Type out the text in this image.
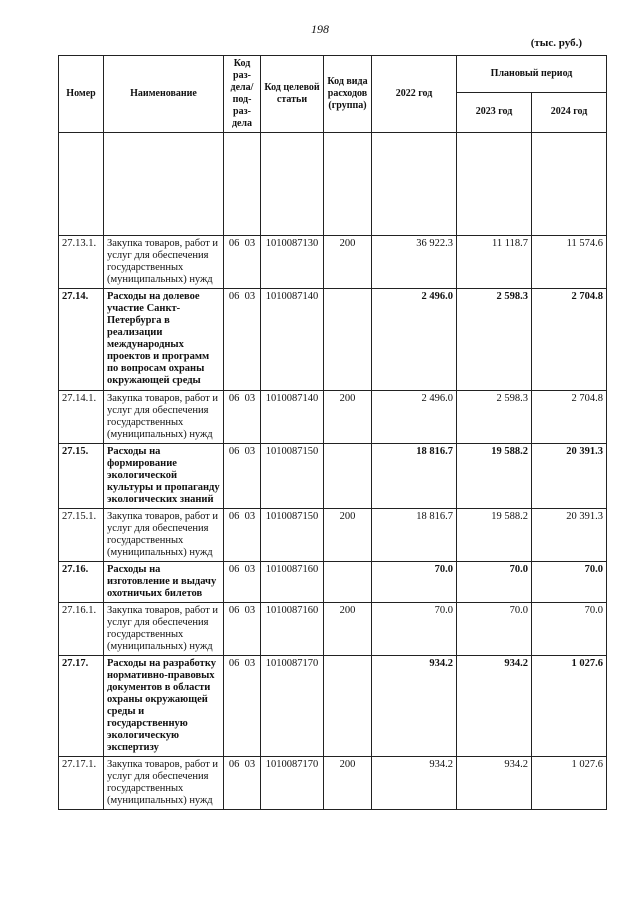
198
(тыс. руб.)
Номер	Наименование	Код раз-дела/ под-раз-дела	Код целевой статьи	Код вида расходов (группа)	2022 год	Плановый период	
						2023 год	2024 год

27.13.1.	Закупка товаров, работ и услуг для обеспечения государственных (муниципальных) нужд	06 03	1010087130	200	36 922.3	11 118.7	11 574.6
27.14.	Расходы на долевое участие Санкт-Петербурга в реализации международных проектов и программ по вопросам охраны окружающей среды	06 03	1010087140		2 496.0	2 598.3	2 704.8
27.14.1.	Закупка товаров, работ и услуг для обеспечения государственных (муниципальных) нужд	06 03	1010087140	200	2 496.0	2 598.3	2 704.8
27.15.	Расходы на формирование экологической культуры и пропаганду экологических знаний	06 03	1010087150		18 816.7	19 588.2	20 391.3
27.15.1.	Закупка товаров, работ и услуг для обеспечения государственных (муниципальных) нужд	06 03	1010087150	200	18 816.7	19 588.2	20 391.3
27.16.	Расходы на изготовление и выдачу охотничьих билетов	06 03	1010087160		70.0	70.0	70.0
27.16.1.	Закупка товаров, работ и услуг для обеспечения государственных (муниципальных) нужд	06 03	1010087160	200	70.0	70.0	70.0
27.17.	Расходы на разработку нормативно-правовых документов в области охраны окружающей среды и государственную экологическую экспертизу	06 03	1010087170		934.2	934.2	1 027.6
27.17.1.	Закупка товаров, работ и услуг для обеспечения государственных (муниципальных) нужд	06 03	1010087170	200	934.2	934.2	1 027.6
